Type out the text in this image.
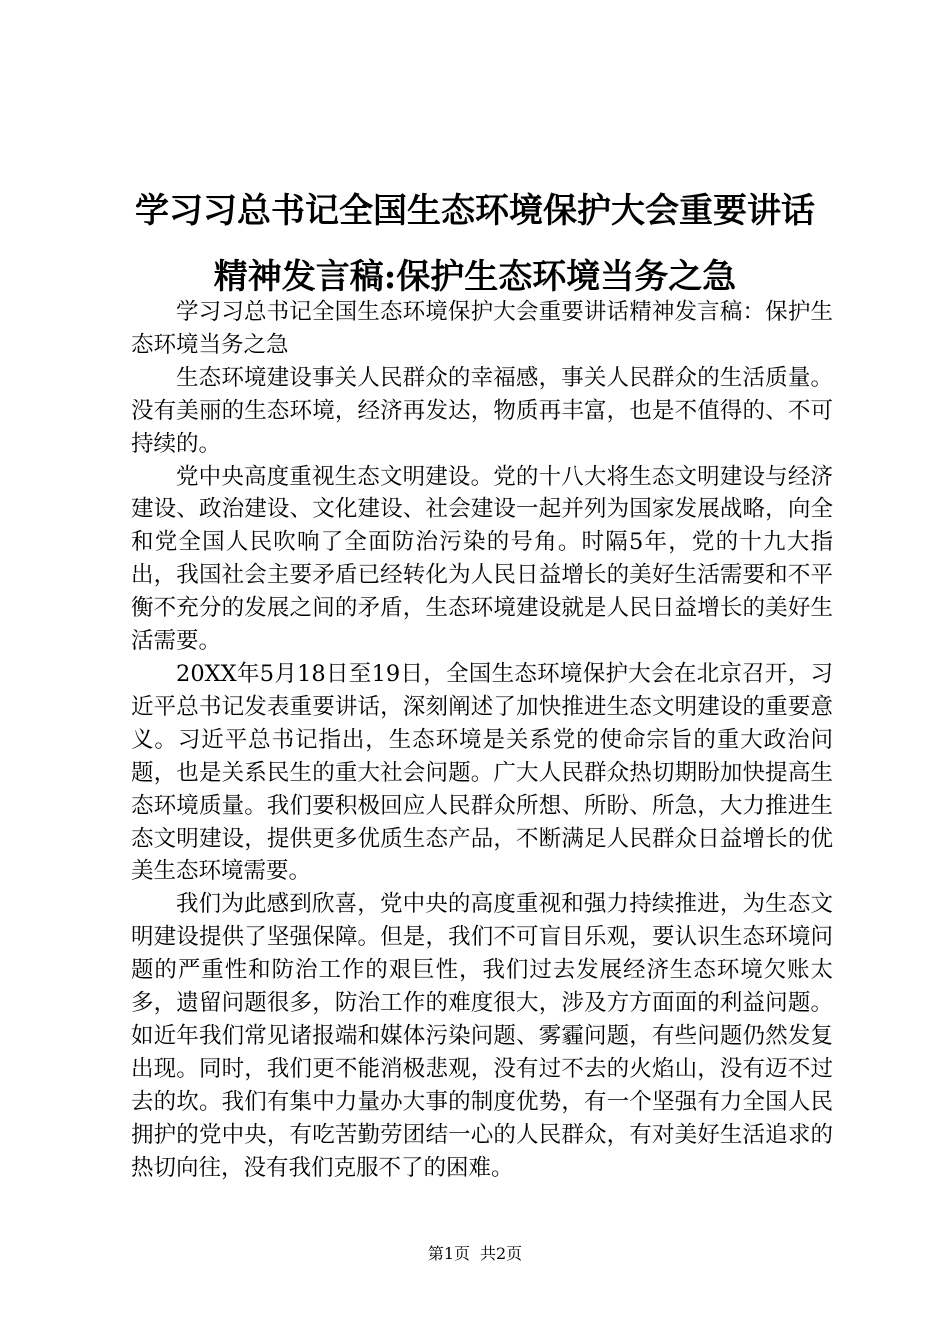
学习习总书记全国生态环境保护大会重要讲话
精神发言稿:保护生态环境当务之急

学习习总书记全国生态环境保护大会重要讲话精神发言稿：保护生态环境当务之急

生态环境建设事关人民群众的幸福感，事关人民群众的生活质量。没有美丽的生态环境，经济再发达，物质再丰富，也是不值得的、不可持续的。

党中央高度重视生态文明建设。党的十八大将生态文明建设与经济建设、政治建设、文化建设、社会建设一起并列为国家发展战略，向全和党全国人民吹响了全面防治污染的号角。时隔5年，党的十九大指出，我国社会主要矛盾已经转化为人民日益增长的美好生活需要和不平衡不充分的发展之间的矛盾，生态环境建设就是人民日益增长的美好生活需要。

20XX年5月18日至19日，全国生态环境保护大会在北京召开，习近平总书记发表重要讲话，深刻阐述了加快推进生态文明建设的重要意义。习近平总书记指出，生态环境是关系党的使命宗旨的重大政治问题，也是关系民生的重大社会问题。广大人民群众热切期盼加快提高生态环境质量。我们要积极回应人民群众所想、所盼、所急，大力推进生态文明建设，提供更多优质生态产品，不断满足人民群众日益增长的优美生态环境需要。

我们为此感到欣喜，党中央的高度重视和强力持续推进，为生态文明建设提供了坚强保障。但是，我们不可盲目乐观，要认识生态环境问题的严重性和防治工作的艰巨性，我们过去发展经济生态环境欠账太多，遗留问题很多，防治工作的难度很大，涉及方方面面的利益问题。如近年我们常见诸报端和媒体污染问题、雾霾问题，有些问题仍然发复出现。同时，我们更不能消极悲观，没有过不去的火焰山，没有迈不过去的坎。我们有集中力量办大事的制度优势，有一个坚强有力全国人民拥护的党中央，有吃苦勤劳团结一心的人民群众，有对美好生活追求的热切向往，没有我们克服不了的困难。

第1页 共2页
